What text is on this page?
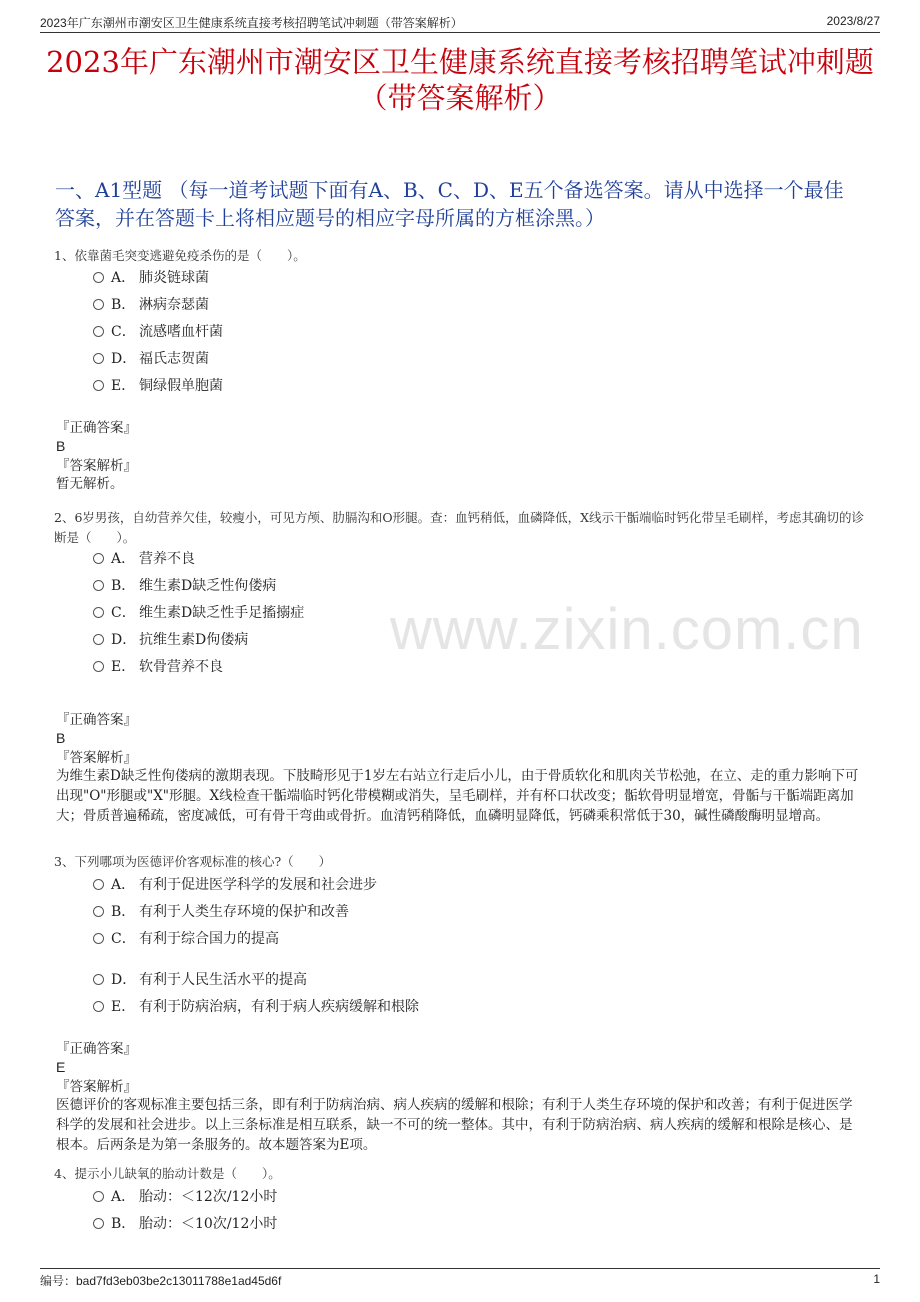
2023年广东潮州市潮安区卫生健康系统直接考核招聘笔试冲刺题（带答案解析）	2023/8/27
2023年广东潮州市潮安区卫生健康系统直接考核招聘笔试冲刺题（带答案解析）
一、A1型题 （每一道考试题下面有A、B、C、D、E五个备选答案。请从中选择一个最佳答案，并在答题卡上将相应题号的相应字母所属的方框涂黑。）
www.zixin.com.cn
1、依靠菌毛突变逃避免疫杀伤的是（　　）。
A． 肺炎链球菌
B． 淋病奈瑟菌
C． 流感嗜血杆菌
D． 福氏志贺菌
E． 铜绿假单胞菌
『正确答案』
B
『答案解析』
暂无解析。
2、6岁男孩，自幼营养欠佳，较瘦小，可见方颅、肋膈沟和O形腿。查：血钙稍低，血磷降低，X线示干骺端临时钙化带呈毛刷样，考虑其确切的诊断是（　　）。
A． 营养不良
B． 维生素D缺乏性佝偻病
C． 维生素D缺乏性手足搐搦症
D． 抗维生素D佝偻病
E． 软骨营养不良
『正确答案』
B
『答案解析』
为维生素D缺乏性佝偻病的激期表现。下肢畸形见于1岁左右站立行走后小儿，由于骨质软化和肌肉关节松弛，在立、走的重力影响下可出现"O"形腿或"X"形腿。X线检查干骺端临时钙化带模糊或消失，呈毛刷样，并有杯口状改变；骺软骨明显增宽，骨骺与干骺端距离加大；骨质普遍稀疏，密度减低，可有骨干弯曲或骨折。血清钙稍降低，血磷明显降低，钙磷乘积常低于30，碱性磷酸酶明显增高。
3、下列哪项为医德评价客观标准的核心?（　　）
A． 有利于促进医学科学的发展和社会进步
B． 有利于人类生存环境的保护和改善
C． 有利于综合国力的提高
D． 有利于人民生活水平的提高
E． 有利于防病治病，有利于病人疾病缓解和根除
『正确答案』
E
『答案解析』
医德评价的客观标准主要包括三条，即有利于防病治病、病人疾病的缓解和根除；有利于人类生存环境的保护和改善；有利于促进医学科学的发展和社会进步。以上三条标准是相互联系，缺一不可的统一整体。其中，有利于防病治病、病人疾病的缓解和根除是核心、是根本。后两条是为第一条服务的。故本题答案为E项。
4、提示小儿缺氧的胎动计数是（　　）。
A． 胎动：＜12次/12小时
B． 胎动：＜10次/12小时
编号：bad7fd3eb03be2c13011788e1ad45d6f	1
